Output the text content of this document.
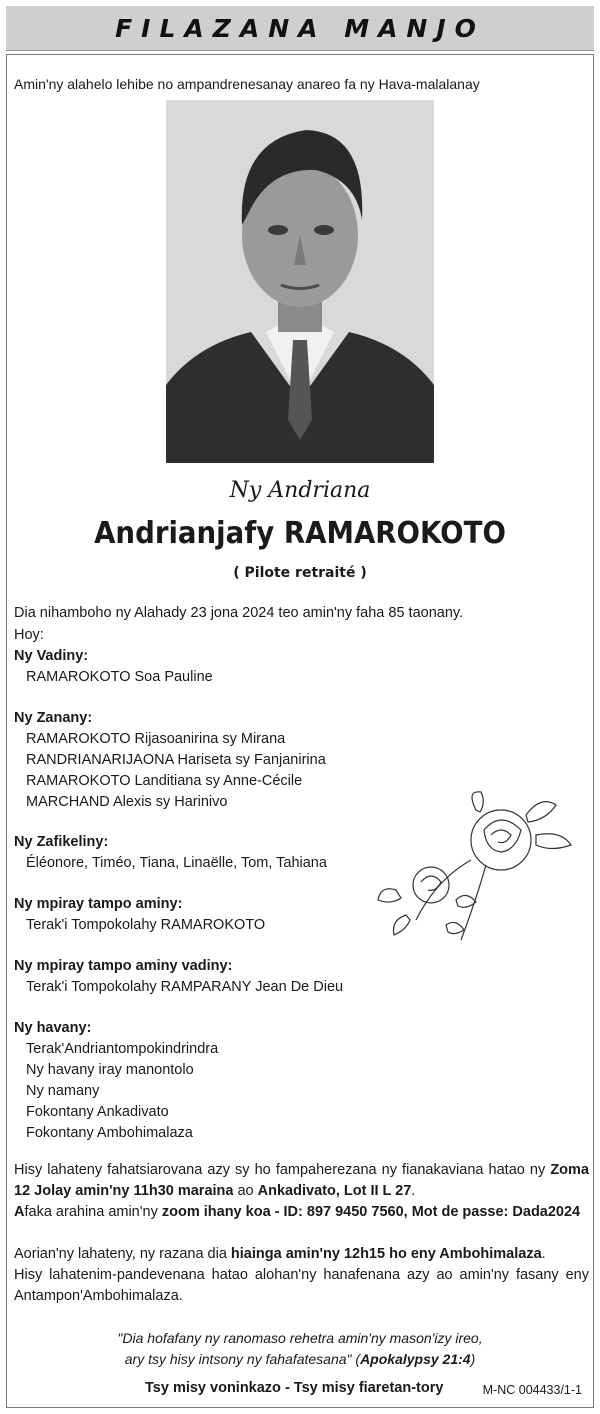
FILAZANA MANJO
Amin'ny alahelo lehibe no ampandrenesanay anareo fa ny Hava-malalanay
Ny Andriana
Andrianjafy RAMAROKOTO
( Pilote retraité )
Dia nihamboho ny Alahady 23 jona 2024 teo amin'ny faha 85 taonany.
Hoy:
Ny Vadiny:
RAMAROKOTO Soa Pauline
Ny Zanany:
RAMAROKOTO Rijasoanirina sy Mirana
RANDRIANARIJAONA Hariseta sy Fanjanirina
RAMAROKOTO Landitiana sy Anne-Cécile
MARCHAND Alexis sy Harinivo
Ny Zafikeliny:
Éléonore, Timéo, Tiana, Linaëlle, Tom, Tahiana
Ny mpiray tampo aminy:
Terak'i Tompokolahy RAMAROKOTO
Ny mpiray tampo aminy vadiny:
Terak'i Tompokolahy RAMPARANY Jean De Dieu
Ny havany:
Terak'Andriantompokindrindra
Ny havany iray manontolo
Ny namany
Fokontany Ankadivato
Fokontany Ambohimalaza
Hisy lahateny fahatsiarovana azy sy ho fampaherezana ny fianakaviana hatao ny Zoma 12 Jolay amin'ny 11h30 maraina ao Ankadivato, Lot II L 27.
Afaka arahina amin'ny zoom ihany koa - ID: 897 9450 7560, Mot de passe: Dada2024
Aorian'ny lahateny, ny razana dia hiainga amin'ny 12h15 ho eny Ambohimalaza.
Hisy lahatenim-pandevenana hatao alohan'ny hanafenana azy ao amin'ny fasany eny Antampon'Ambohimalaza.
"Dia hofafany ny ranomaso rehetra amin'ny mason'izy ireo,
ary tsy hisy intsony ny fahafatesana" (Apokalypsy 21:4)
Tsy misy voninkazo - Tsy misy fiaretan-tory	M-NC 004433/1-1
